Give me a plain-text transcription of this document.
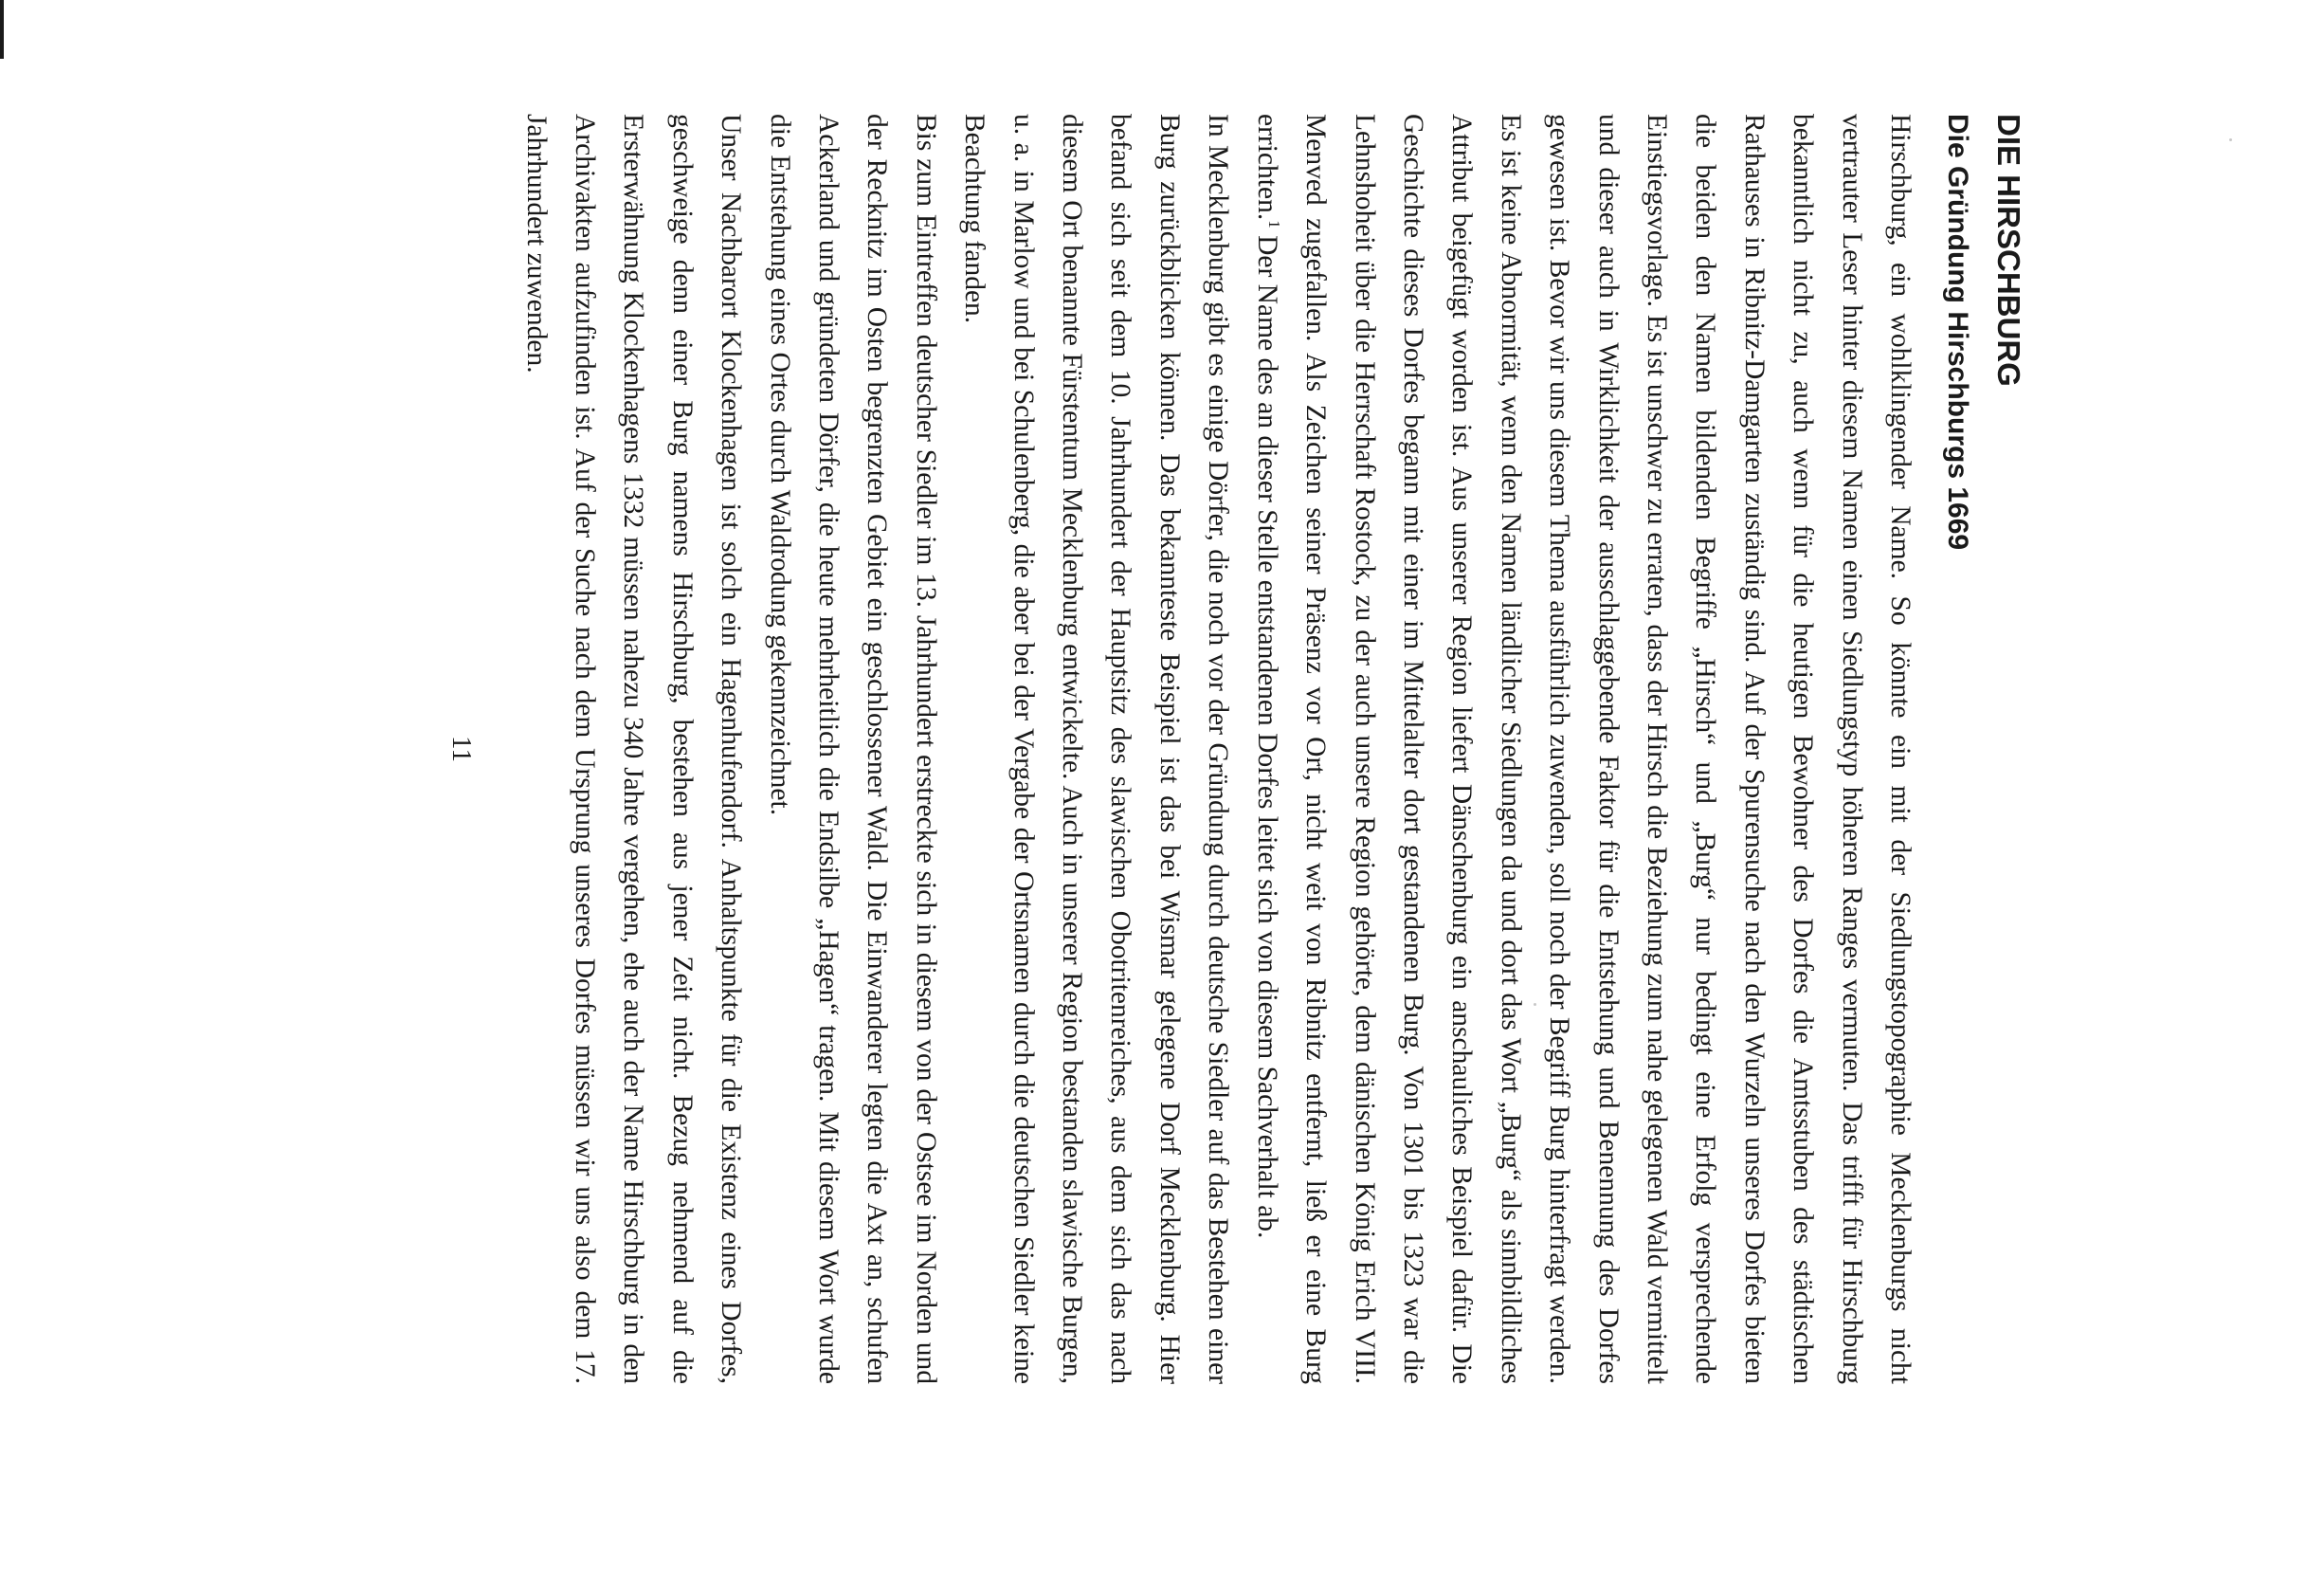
DIE HIRSCHBURG
Die Gründung Hirschburgs 1669

Hirschburg, ein wohlklingender Name. So könnte ein mit der Siedlungstopographie Mecklenburgs nicht vertrauter Leser hinter diesem Namen einen Siedlungstyp höheren Ranges vermuten. Das trifft für Hirschburg bekanntlich nicht zu, auch wenn für die heutigen Bewohner des Dorfes die Amtsstuben des städtischen Rathauses in Ribnitz-Damgarten zuständig sind. Auf der Spurensuche nach den Wurzeln unseres Dorfes bieten die beiden den Namen bildenden Begriffe „Hirsch“ und „Burg“ nur bedingt eine Erfolg versprechende Einstiegsvorlage. Es ist unschwer zu erraten, dass der Hirsch die Beziehung zum nahe gelegenen Wald vermittelt und dieser auch in Wirklichkeit der ausschlaggebende Faktor für die Entstehung und Benennung des Dorfes gewesen ist. Bevor wir uns diesem Thema ausführlich zuwenden, soll noch der Begriff Burg hinterfragt werden. Es ist keine Abnormität, wenn den Namen ländlicher Siedlungen da und dort das Wort „Burg“ als sinnbildliches Attribut beigefügt worden ist. Aus unserer Region liefert Dänschenburg ein anschauliches Beispiel dafür. Die Geschichte dieses Dorfes begann mit einer im Mittelalter dort gestandenen Burg. Von 1301 bis 1323 war die Lehnshoheit über die Herrschaft Rostock, zu der auch unsere Region gehörte, dem dänischen König Erich VIII. Menved zugefallen. Als Zeichen seiner Präsenz vor Ort, nicht weit von Ribnitz entfernt, ließ er eine Burg errichten.$^1$ Der Name des an dieser Stelle entstandenen Dorfes leitet sich von diesem Sachverhalt ab.

In Mecklenburg gibt es einige Dörfer, die noch vor der Gründung durch deutsche Siedler auf das Bestehen einer Burg zurückblicken können. Das bekannteste Beispiel ist das bei Wismar gelegene Dorf Mecklenburg. Hier befand sich seit dem 10. Jahrhundert der Hauptsitz des slawischen Obotritenreiches, aus dem sich das nach diesem Ort benannte Fürstentum Mecklenburg entwickelte. Auch in unserer Region bestanden slawische Burgen, u. a. in Marlow und bei Schulenberg, die aber bei der Vergabe der Ortsnamen durch die deutschen Siedler keine Beachtung fanden.

Bis zum Eintreffen deutscher Siedler im 13. Jahrhundert erstreckte sich in diesem von der Ostsee im Norden und der Recknitz im Osten begrenzten Gebiet ein geschlossener Wald. Die Einwanderer legten die Axt an, schufen Ackerland und gründeten Dörfer, die heute mehrheitlich die Endsilbe „Hagen“ tragen. Mit diesem Wort wurde die Entstehung eines Ortes durch Waldrodung gekennzeichnet.

Unser Nachbarort Klockenhagen ist solch ein Hagenhufendorf. Anhaltspunkte für die Existenz eines Dorfes, geschweige denn einer Burg namens Hirschburg, bestehen aus jener Zeit nicht. Bezug nehmend auf die Ersterwähnung Klockenhagens 1332 müssen nahezu 340 Jahre vergehen, ehe auch der Name Hirschburg in den Archivakten aufzufinden ist. Auf der Suche nach dem Ursprung unseres Dorfes müssen wir uns also dem 17. Jahrhundert zuwenden.

11
